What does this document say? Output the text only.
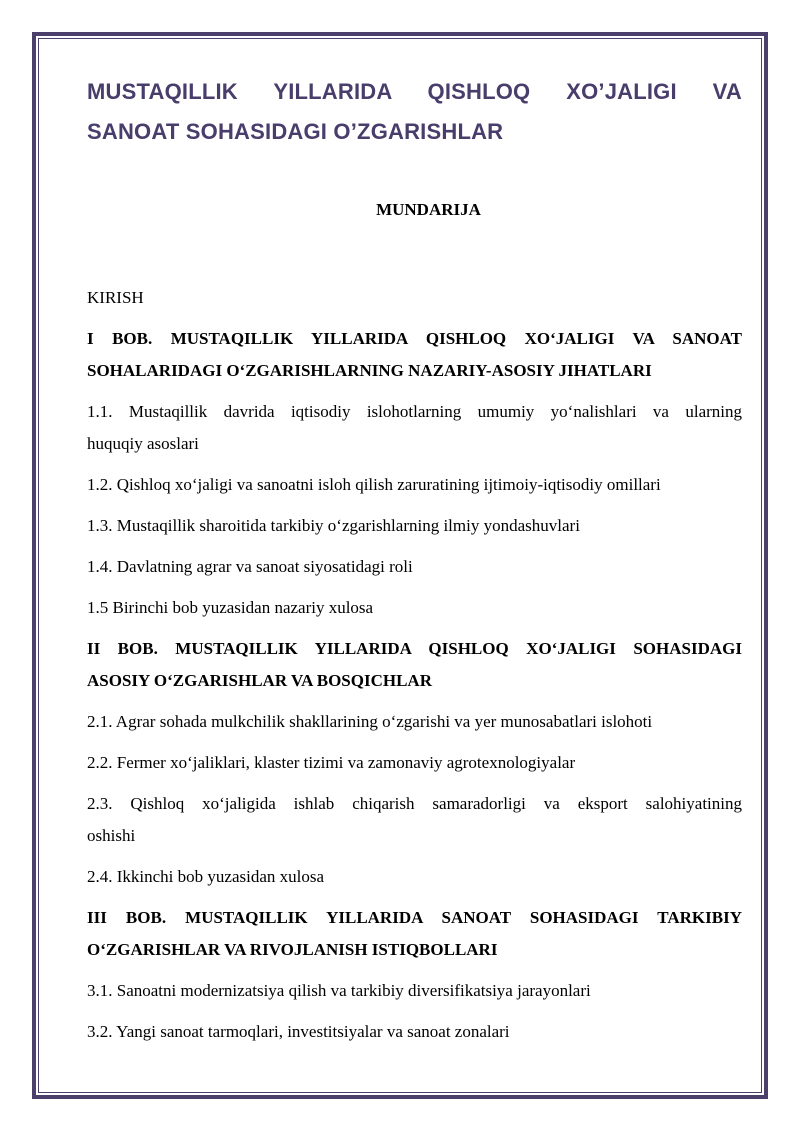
MUSTAQILLIK YILLARIDA QISHLOQ XO’JALIGI VA
SANOAT SOHASIDAGI O’ZGARISHLAR
MUNDARIJA
KIRISH
I BOB. MUSTAQILLIK YILLARIDA QISHLOQ XO‘JALIGI VA SANOAT
SOHALARIDAGI O‘ZGARISHLARNING NAZARIY-ASOSIY JIHATLARI
1.1. Mustaqillik davrida iqtisodiy islohotlarning umumiy yo‘nalishlari va ularning
huquqiy asoslari
1.2. Qishloq xo‘jaligi va sanoatni isloh qilish zaruratining ijtimoiy-iqtisodiy omillari
1.3. Mustaqillik sharoitida tarkibiy o‘zgarishlarning ilmiy yondashuvlari
1.4. Davlatning agrar va sanoat siyosatidagi roli
1.5 Birinchi bob yuzasidan nazariy xulosa
II BOB. MUSTAQILLIK YILLARIDA QISHLOQ XO‘JALIGI SOHASIDAGI
ASOSIY O‘ZGARISHLAR VA BOSQICHLAR
2.1. Agrar sohada mulkchilik shakllarining o‘zgarishi va yer munosabatlari islohoti
2.2. Fermer xo‘jaliklari, klaster tizimi va zamonaviy agrotexnologiyalar
2.3. Qishloq xo‘jaligida ishlab chiqarish samaradorligi va eksport salohiyatining
oshishi
2.4. Ikkinchi bob yuzasidan xulosa
III BOB. MUSTAQILLIK YILLARIDA SANOAT SOHASIDAGI TARKIBIY
O‘ZGARISHLAR VA RIVOJLANISH ISTIQBOLLARI
3.1. Sanoatni modernizatsiya qilish va tarkibiy diversifikatsiya jarayonlari
3.2. Yangi sanoat tarmoqlari, investitsiyalar va sanoat zonalari
